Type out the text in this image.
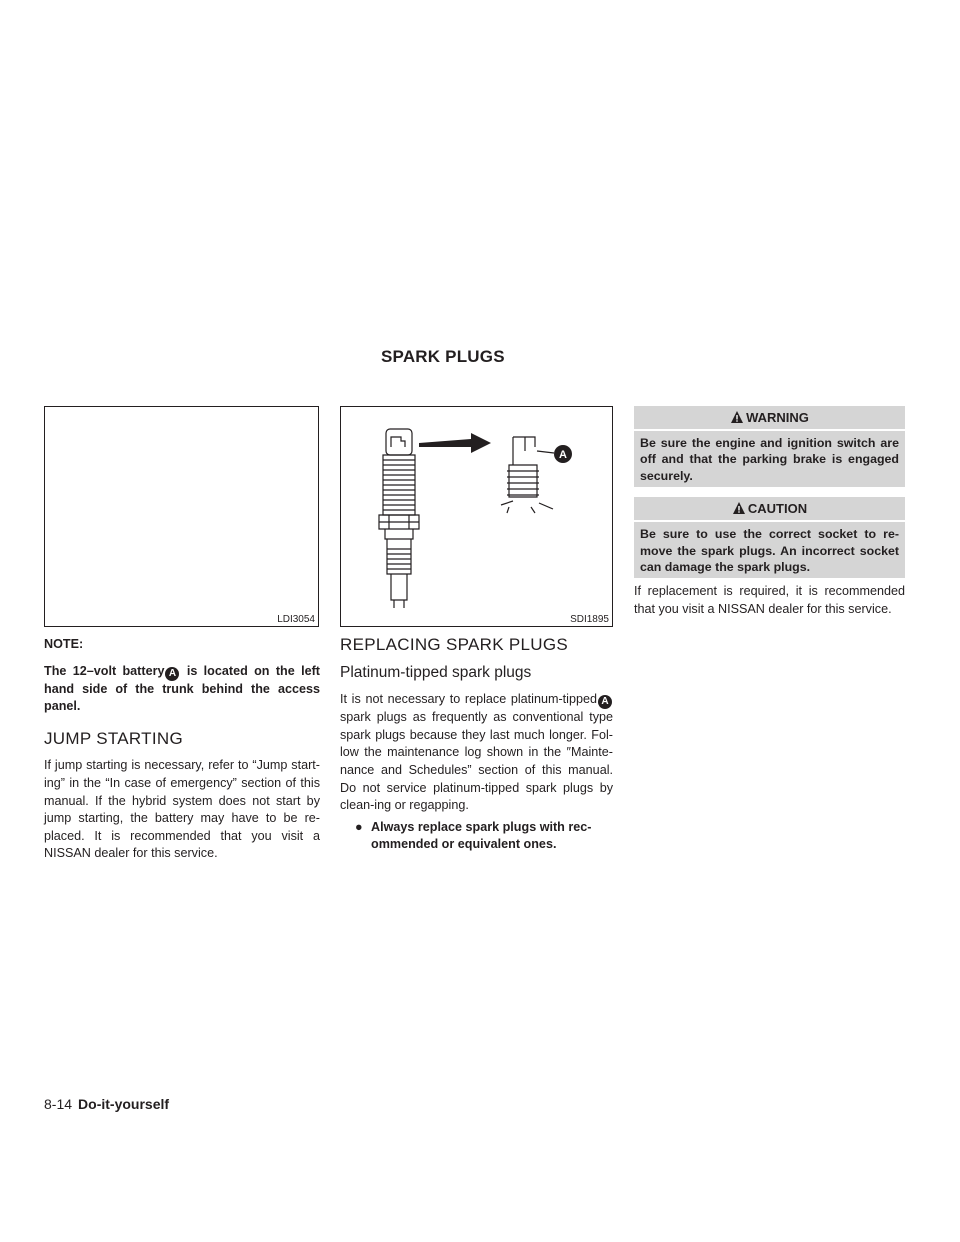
SPARK PLUGS
LDI3054
A
SDI1895

NOTE:

The 12–volt battery A is located on the left hand side of the trunk behind the access panel.

JUMP STARTING

If jump starting is necessary, refer to “Jump start-ing” in the “In case of emergency” section of this manual. If the hybrid system does not start by jump starting, the battery may have to be re-placed. It is recommended that you visit a NISSAN dealer for this service.

REPLACING SPARK PLUGS

Platinum-tipped spark plugs

It is not necessary to replace platinum-tipped A spark plugs as frequently as conventional type spark plugs because they last much longer. Fol-low the maintenance log shown in the ″Mainte-nance and Schedules” section of this manual. Do not service platinum-tipped spark plugs by clean-ing or regapping.

● Always replace spark plugs with rec-ommended or equivalent ones.
WARNING
Be sure the engine and ignition switch are off and that the parking brake is engaged securely.
CAUTION
Be sure to use the correct socket to re-move the spark plugs. An incorrect socket can damage the spark plugs.

If replacement is required, it is recommended that you visit a NISSAN dealer for this service.

8-14 Do-it-yourself
